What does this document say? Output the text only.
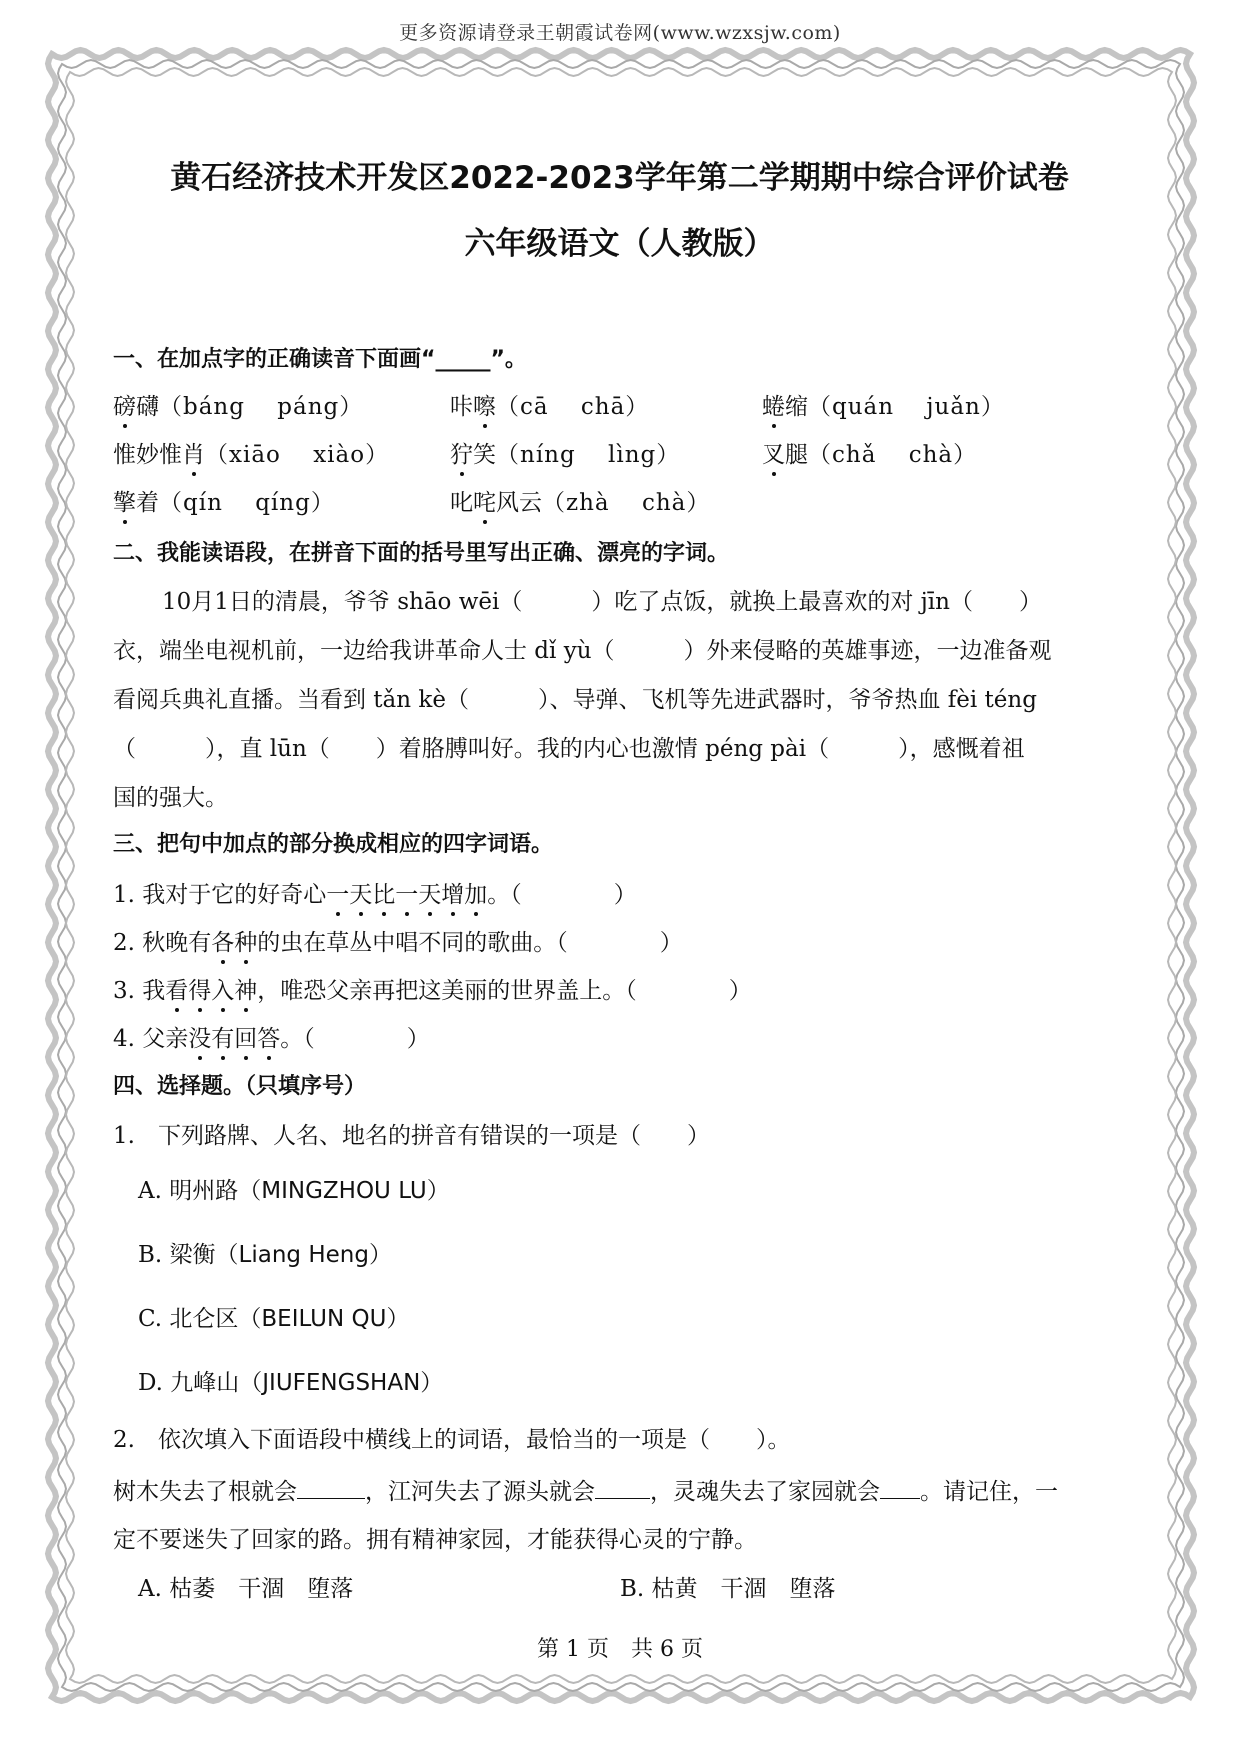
更多资源请登录王朝霞试卷网(www.wzxsjw.com)
黄石经济技术开发区2022-2023学年第二学期期中综合评价试卷
六年级语文（人教版）
一、在加点字的正确读音下面画“_____”。
磅礴（báng　 páng）	咔嚓（cā　 chā）	蜷缩（quán　 juǎn）
惟妙惟肖（xiāo　 xiào）	狞笑（níng　 lìng）	叉腿（chǎ　 chà）
擎着（qín　 qíng）	叱咤风云（zhà　 chà）
二、我能读语段，在拼音下面的括号里写出正确、漂亮的字词。
10月1日的清晨，爷爷 shāo wēi（　　　）吃了点饭，就换上最喜欢的对 jīn（　　）
衣，端坐电视机前，一边给我讲革命人士 dǐ yù（　　　）外来侵略的英雄事迹，一边准备观
看阅兵典礼直播。当看到 tǎn kè（　　　）、导弹、飞机等先进武器时，爷爷热血 fèi téng
（　　　），直 lūn（　　）着胳膊叫好。我的内心也激情 péng pài（　　　），感慨着祖
国的强大。
三、把句中加点的部分换成相应的四字词语。
1. 我对于它的好奇心一天比一天增加。（　　　　）
2. 秋晚有各种的虫在草丛中唱不同的歌曲。（　　　　）
3. 我看得入神，唯恐父亲再把这美丽的世界盖上。（　　　　）
4. 父亲没有回答。（　　　　）
四、选择题。（只填序号）
1.　下列路牌、人名、地名的拼音有错误的一项是（　　）
A. 明州路（MINGZHOU LU）
B. 梁衡（Liang Heng）
C. 北仑区（BEILUN QU）
D. 九峰山（JIUFENGSHAN）
2.　依次填入下面语段中横线上的词语，最恰当的一项是（　　）。
树木失去了根就会	，江河失去了源头就会 ，灵魂失去了家园就会 。请记住，一
定不要迷失了回家的路。拥有精神家园，才能获得心灵的宁静。
A. 枯萎　干涸　堕落	B. 枯黄　干涸　堕落
第 1 页　共 6 页
